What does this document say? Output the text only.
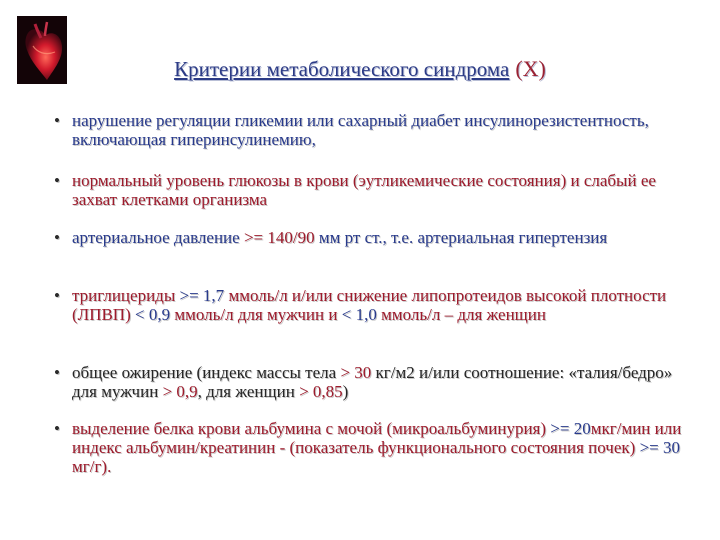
Критерии метаболического синдрома (Х)
• нарушение регуляции гликемии или сахарный диабет инсулинорезистентность, включающая гиперинсулинемию,
• нормальный уровень глюкозы в крови (эутликемические состояния) и слабый ее захват клетками организма
• артериальное давление >= 140/90 мм рт ст., т.е. артериальная гипертензия
• триглицериды >= 1,7 ммоль/л и/или снижение липопротеидов высокой плотности (ЛПВП) < 0,9 ммоль/л для мужчин и < 1,0 ммоль/л – для женщин
• общее ожирение (индекс массы тела > 30 кг/м2 и/или соотношение: «талия/бедро» для мужчин > 0,9, для женщин > 0,85)
• выделение белка крови альбумина с мочой (микроальбуминурия) >= 20мкг/мин или индекс альбумин/креатинин - (показатель функционального состояния почек) >= 30 мг/г).
